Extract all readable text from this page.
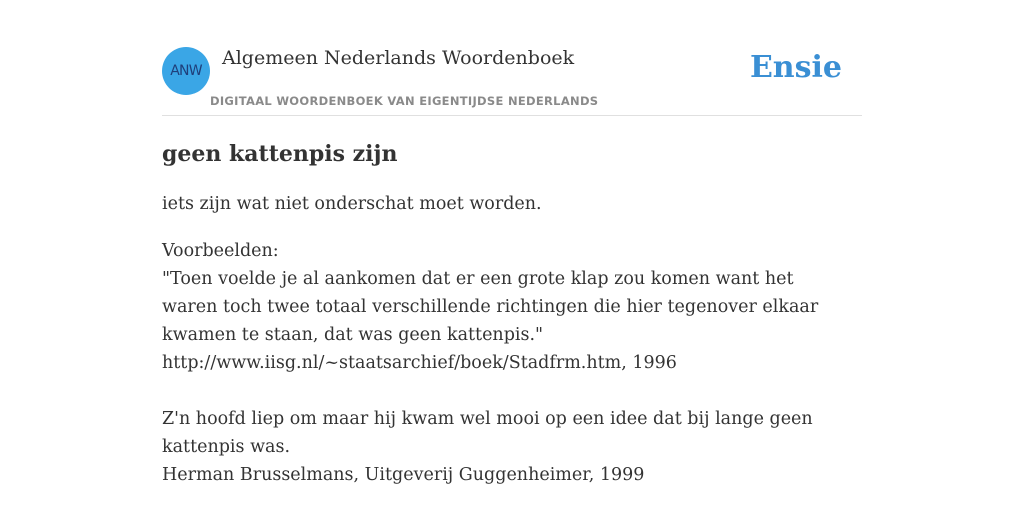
ANW
Algemeen Nederlands Woordenboek
DIGITAAL WOORDENBOEK VAN EIGENTIJDSE NEDERLANDS
Ensie
geen kattenpis zijn

iets zijn wat niet onderschat moet worden.

Voorbeelden:
"Toen voelde je al aankomen dat er een grote klap zou komen want het waren toch twee totaal verschillende richtingen die hier tegenover elkaar kwamen te staan, dat was geen kattenpis."
http://www.iisg.nl/~staatsarchief/boek/Stadfrm.htm, 1996
Z'n hoofd liep om maar hij kwam wel mooi op een idee dat bij lange geen kattenpis was.
Herman Brusselmans, Uitgeverij Guggenheimer, 1999
